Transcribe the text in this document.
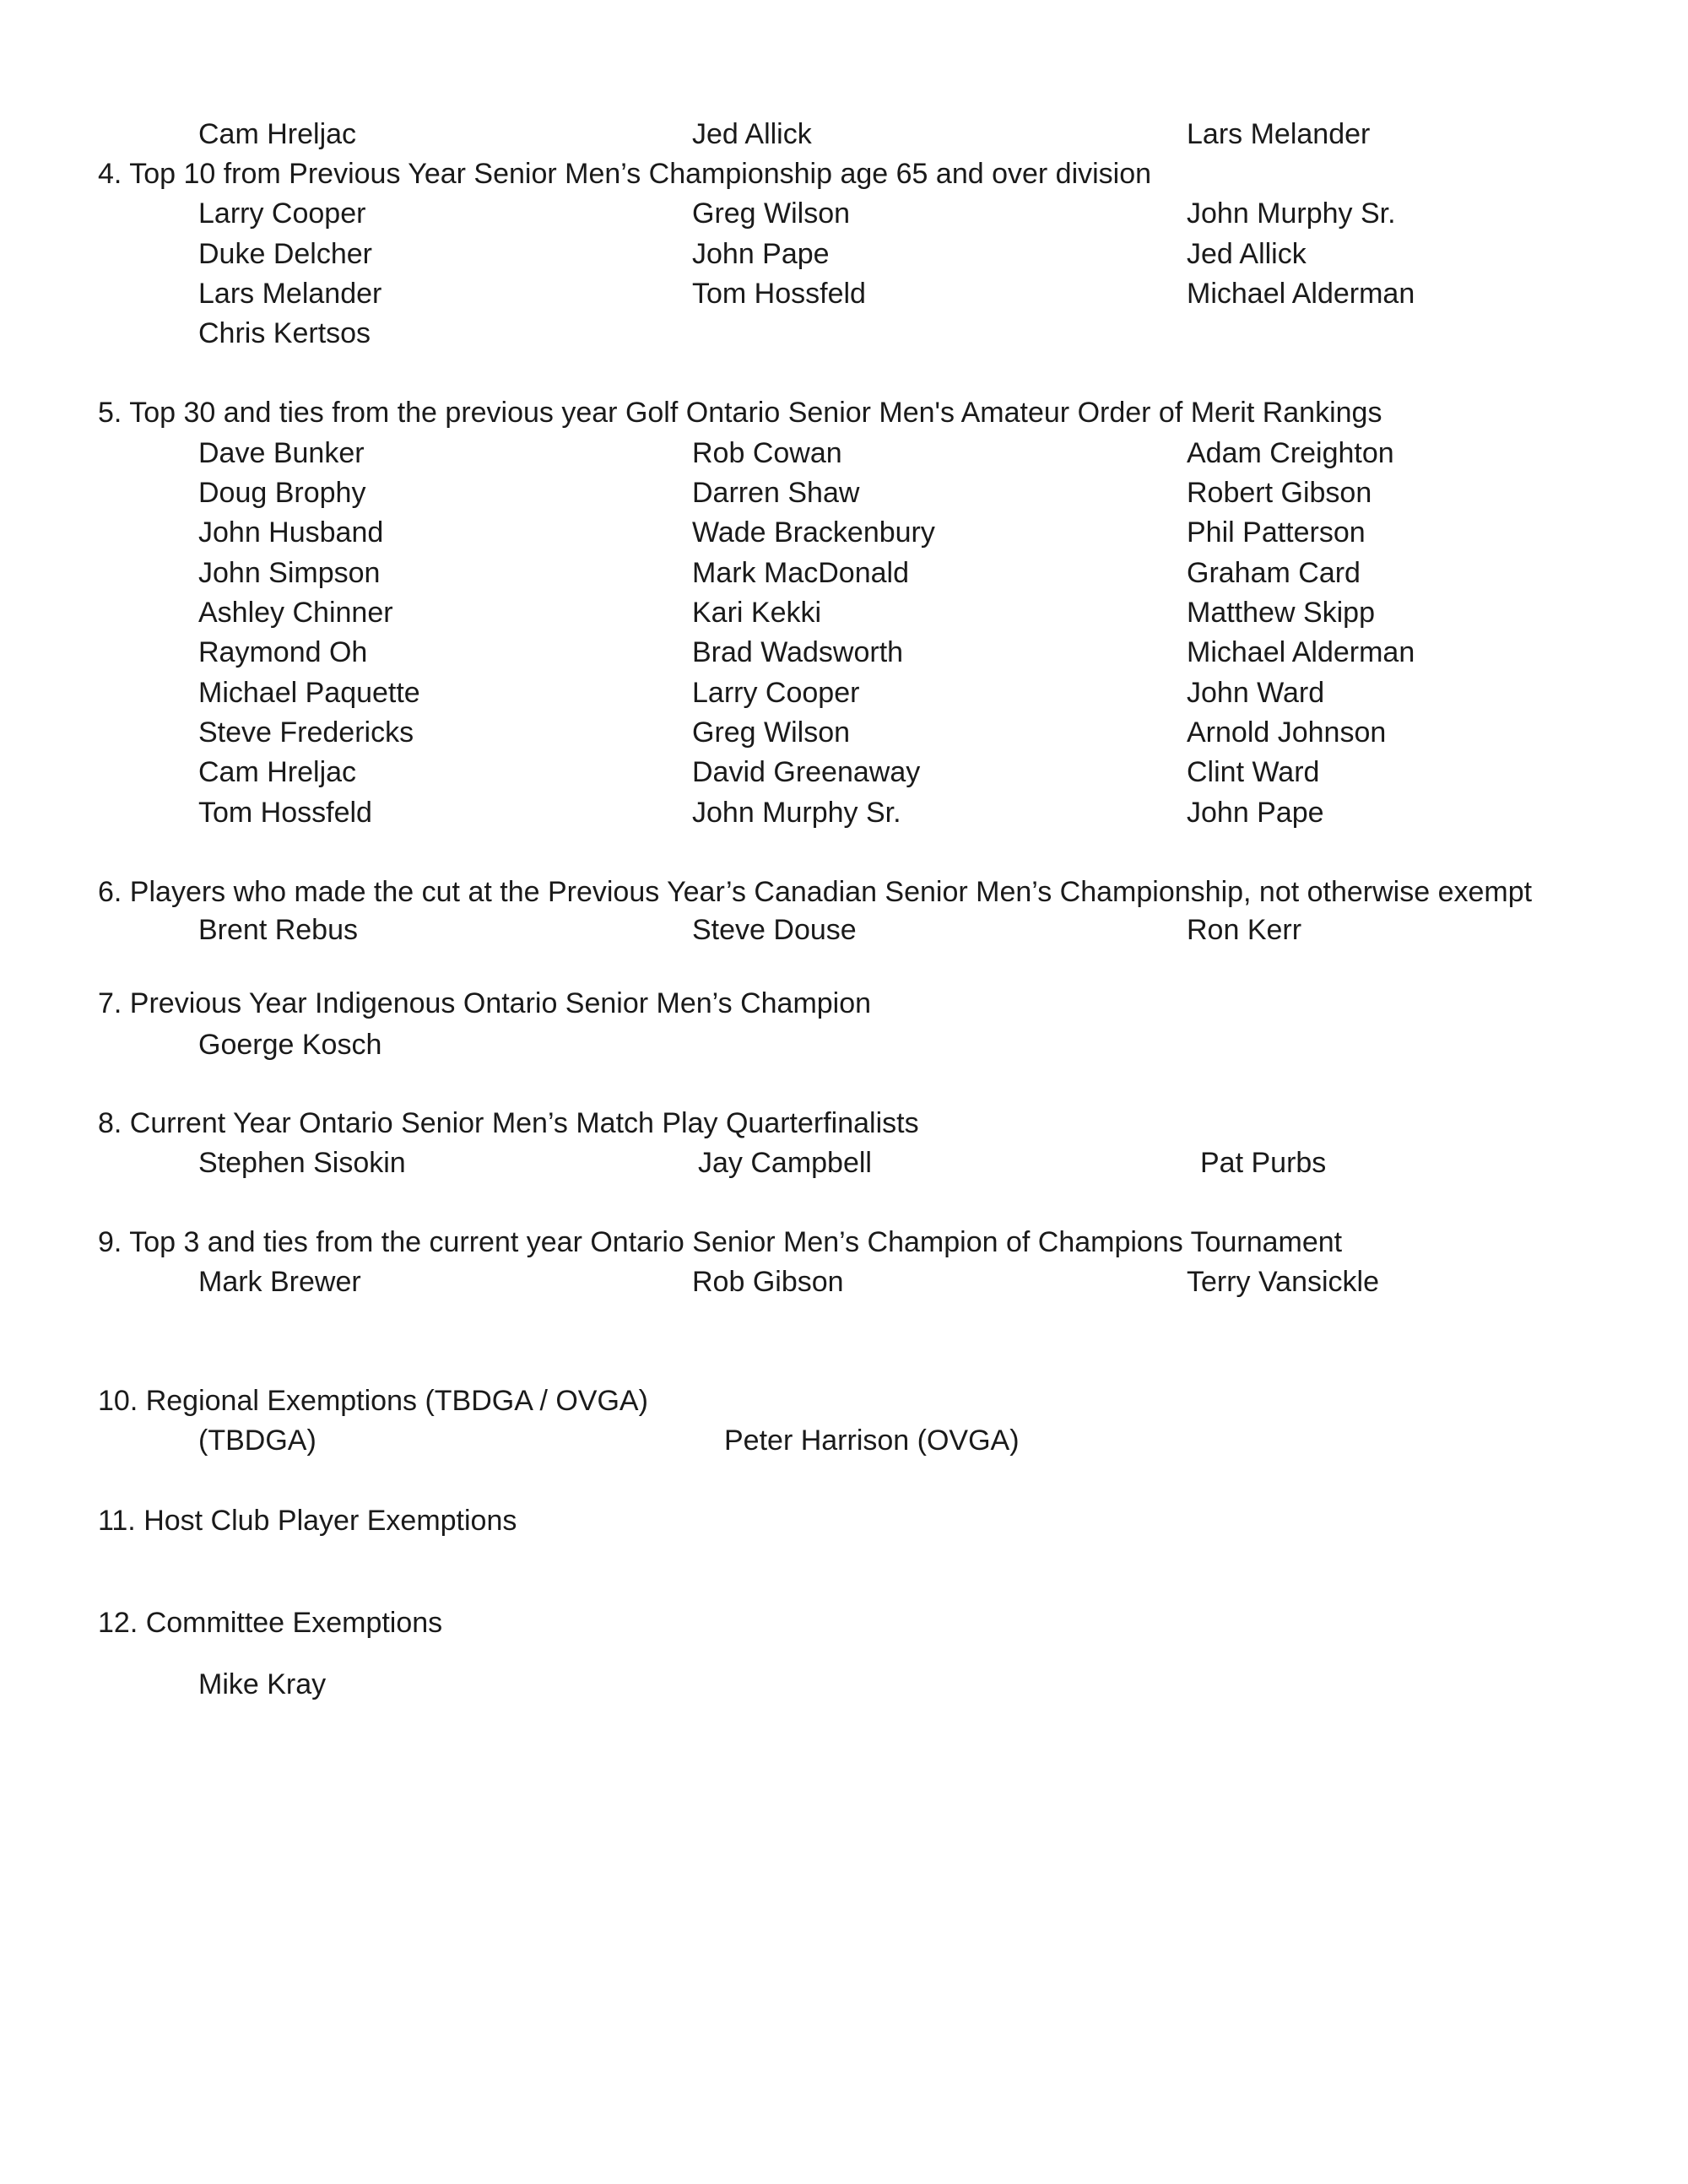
Cam Hreljac	Jed Allick	Lars Melander
4. Top 10 from Previous Year Senior Men’s Championship age 65 and over division
Larry Cooper	Greg Wilson	John Murphy Sr.
Duke Delcher	John Pape	Jed Allick
Lars Melander	Tom Hossfeld	Michael Alderman
Chris Kertsos
5. Top 30 and ties from the previous year Golf Ontario Senior Men's Amateur Order of Merit Rankings
Dave Bunker	Rob Cowan	Adam Creighton
Doug Brophy	Darren Shaw	Robert Gibson
John Husband	Wade Brackenbury	Phil Patterson
John Simpson	Mark MacDonald	Graham Card
Ashley Chinner	Kari Kekki	Matthew Skipp
Raymond Oh	Brad Wadsworth	Michael Alderman
Michael Paquette	Larry Cooper	John Ward
Steve Fredericks	Greg Wilson	Arnold Johnson
Cam Hreljac	David Greenaway	Clint Ward
Tom Hossfeld	John Murphy Sr.	John Pape
6. Players who made the cut at the Previous Year’s Canadian Senior Men’s Championship, not otherwise exempt
Brent Rebus	Steve Douse	Ron Kerr
7. Previous Year Indigenous Ontario Senior Men’s Champion
Goerge Kosch
8. Current Year Ontario Senior Men’s Match Play Quarterfinalists
Stephen Sisokin	Jay Campbell	Pat Purbs
9. Top 3 and ties from the current year Ontario Senior Men’s Champion of Champions Tournament
Mark Brewer	Rob Gibson	Terry Vansickle
10. Regional Exemptions (TBDGA / OVGA)
(TBDGA)	Peter Harrison (OVGA)
11. Host Club Player Exemptions
12. Committee Exemptions
Mike Kray
